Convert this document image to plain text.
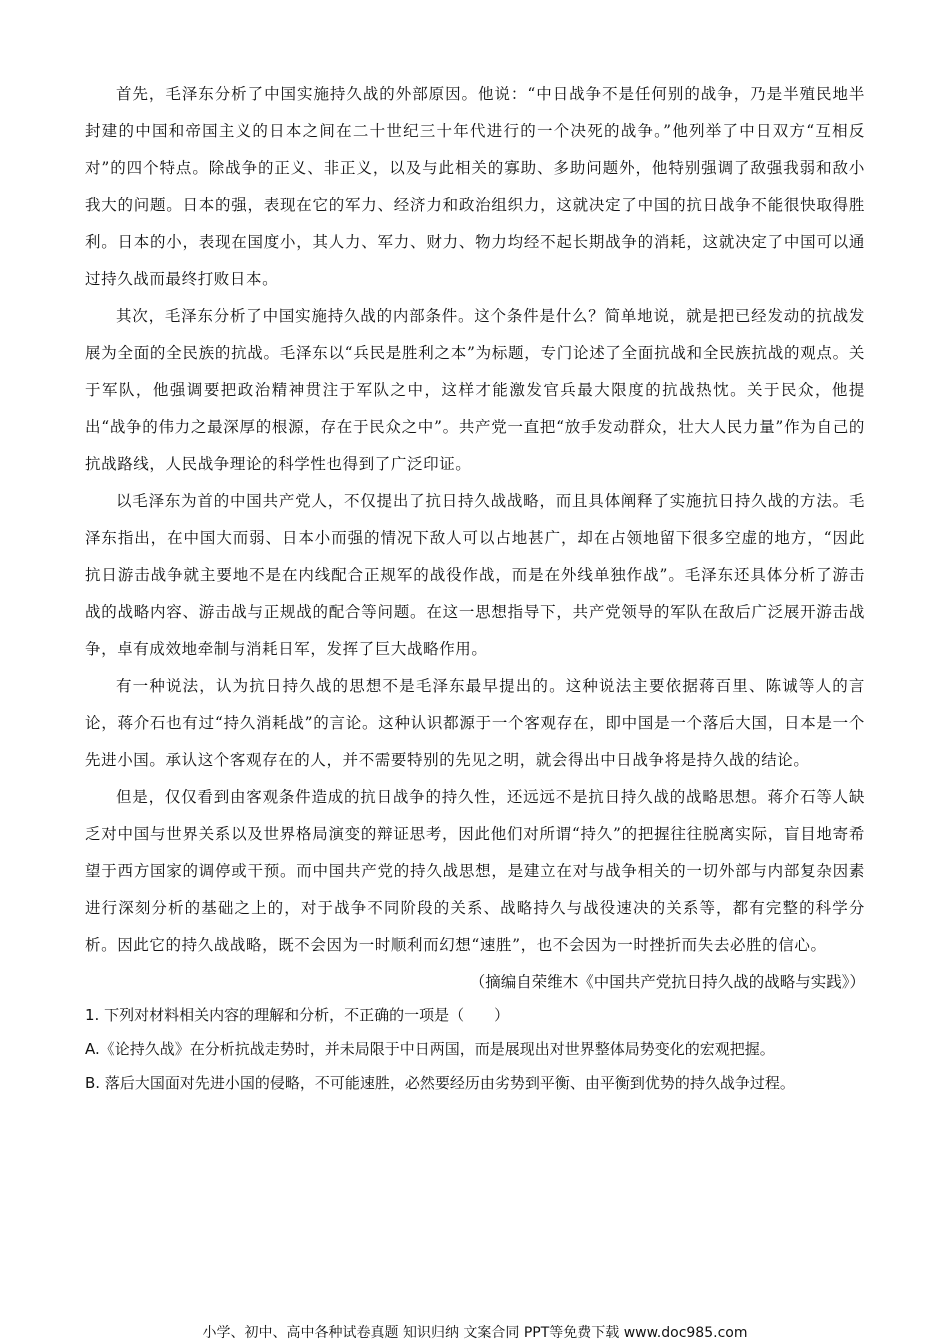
首先，毛泽东分析了中国实施持久战的外部原因。他说：“中日战争不是任何别的战争，乃是半殖民地半封建的中国和帝国主义的日本之间在二十世纪三十年代进行的一个决死的战争。”他列举了中日双方“互相反对”的四个特点。除战争的正义、非正义，以及与此相关的寡助、多助问题外，他特别强调了敌强我弱和敌小我大的问题。日本的强，表现在它的军力、经济力和政治组织力，这就决定了中国的抗日战争不能很快取得胜利。日本的小，表现在国度小，其人力、军力、财力、物力均经不起长期战争的消耗，这就决定了中国可以通过持久战而最终打败日本。

其次，毛泽东分析了中国实施持久战的内部条件。这个条件是什么？简单地说，就是把已经发动的抗战发展为全面的全民族的抗战。毛泽东以“兵民是胜利之本”为标题，专门论述了全面抗战和全民族抗战的观点。关于军队，他强调要把政治精神贯注于军队之中，这样才能激发官兵最大限度的抗战热忱。关于民众，他提出“战争的伟力之最深厚的根源，存在于民众之中”。共产党一直把“放手发动群众，壮大人民力量”作为自己的抗战路线，人民战争理论的科学性也得到了广泛印证。

以毛泽东为首的中国共产党人，不仅提出了抗日持久战战略，而且具体阐释了实施抗日持久战的方法。毛泽东指出，在中国大而弱、日本小而强的情况下敌人可以占地甚广，却在占领地留下很多空虚的地方，“因此抗日游击战争就主要地不是在内线配合正规军的战役作战，而是在外线单独作战”。毛泽东还具体分析了游击战的战略内容、游击战与正规战的配合等问题。在这一思想指导下，共产党领导的军队在敌后广泛展开游击战争，卓有成效地牵制与消耗日军，发挥了巨大战略作用。

有一种说法，认为抗日持久战的思想不是毛泽东最早提出的。这种说法主要依据蒋百里、陈诚等人的言论，蒋介石也有过“持久消耗战”的言论。这种认识都源于一个客观存在，即中国是一个落后大国，日本是一个先进小国。承认这个客观存在的人，并不需要特别的先见之明，就会得出中日战争将是持久战的结论。

但是，仅仅看到由客观条件造成的抗日战争的持久性，还远远不是抗日持久战的战略思想。蒋介石等人缺乏对中国与世界关系以及世界格局演变的辩证思考，因此他们对所谓“持久”的把握往往脱离实际，盲目地寄希望于西方国家的调停或干预。而中国共产党的持久战思想，是建立在对与战争相关的一切外部与内部复杂因素进行深刻分析的基础之上的，对于战争不同阶段的关系、战略持久与战役速决的关系等，都有完整的科学分析。因此它的持久战战略，既不会因为一时顺利而幻想“速胜”，也不会因为一时挫折而失去必胜的信心。

（摘编自荣维木《中国共产党抗日持久战的战略与实践》）

1. 下列对材料相关内容的理解和分析，不正确的一项是（　　）

A.《论持久战》在分析抗战走势时，并未局限于中日两国，而是展现出对世界整体局势变化的宏观把握。

B. 落后大国面对先进小国的侵略，不可能速胜，必然要经历由劣势到平衡、由平衡到优势的持久战争过程。

小学、初中、高中各种试卷真题 知识归纳 文案合同 PPT等免费下载 www.doc985.com
